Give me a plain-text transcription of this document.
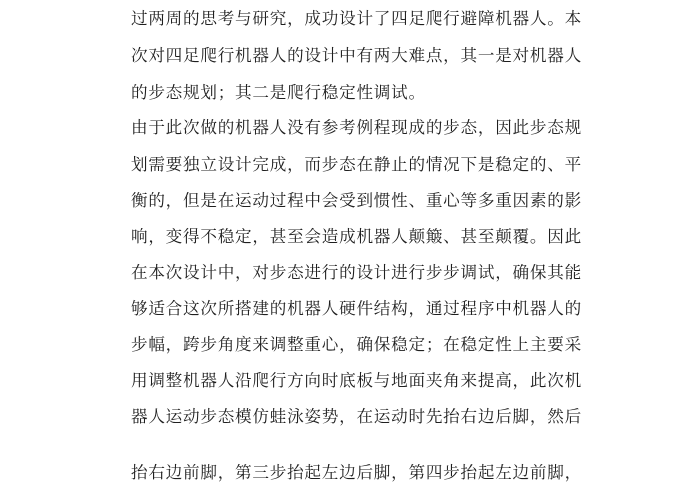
过两周的思考与研究，成功设计了四足爬行避障机器人。本
次对四足爬行机器人的设计中有两大难点，其一是对机器人
的步态规划；其二是爬行稳定性调试。
由于此次做的机器人没有参考例程现成的步态，因此步态规
划需要独立设计完成，而步态在静止的情况下是稳定的、平
衡的，但是在运动过程中会受到惯性、重心等多重因素的影
响，变得不稳定，甚至会造成机器人颠簸、甚至颠覆。因此
在本次设计中，对步态进行的设计进行步步调试，确保其能
够适合这次所搭建的机器人硬件结构，通过程序中机器人的
步幅，跨步角度来调整重心，确保稳定；在稳定性上主要采
用调整机器人沿爬行方向时底板与地面夹角来提高，此次机
器人运动步态模仿蛙泳姿势，在运动时先抬右边后脚，然后
抬右边前脚，第三步抬起左边后脚，第四步抬起左边前脚，
